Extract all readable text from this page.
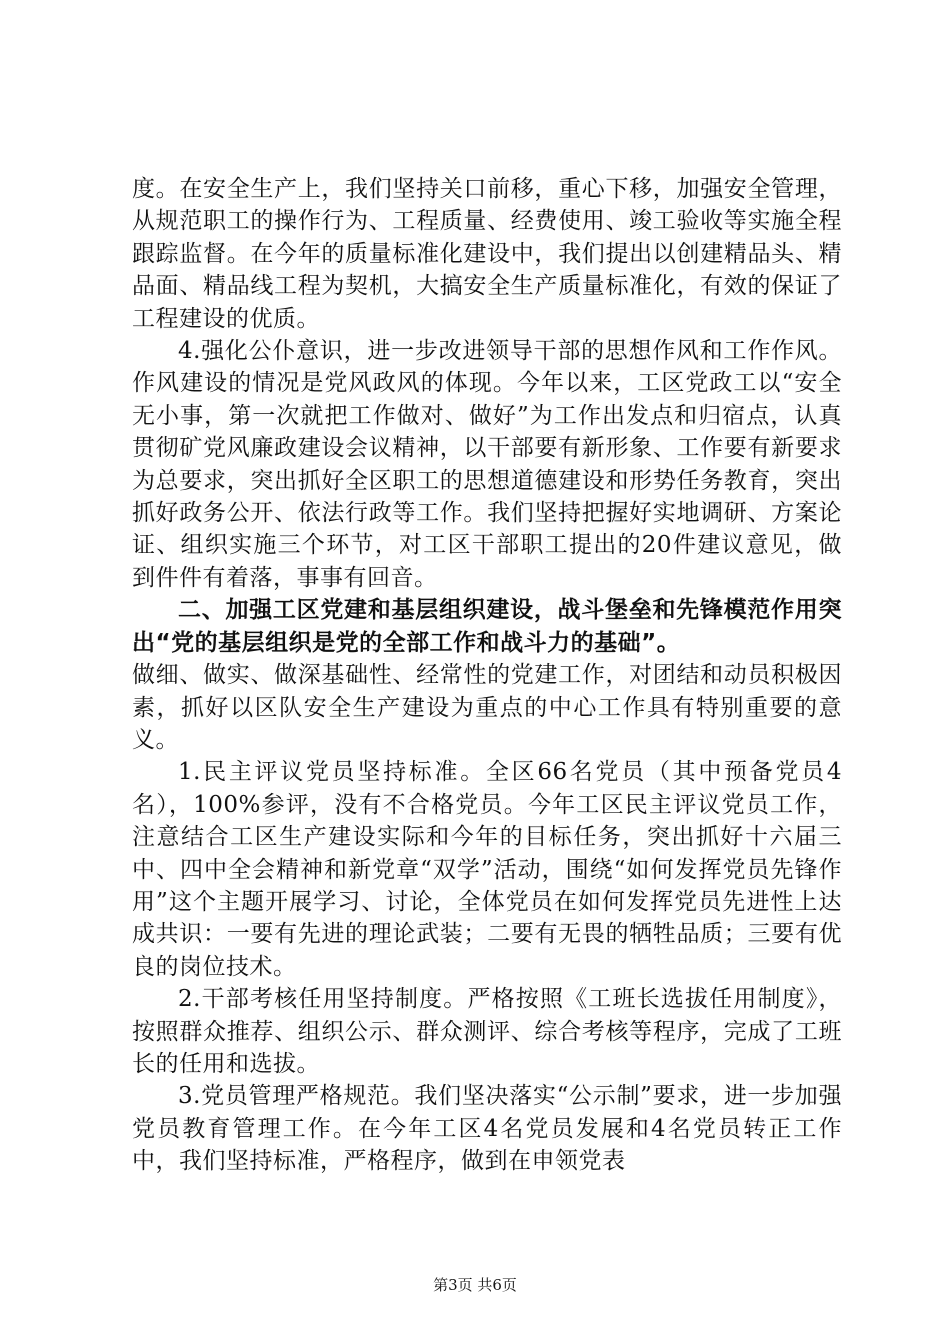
度。在安全生产上，我们坚持关口前移，重心下移，加强安全管理，从规范职工的操作行为、工程质量、经费使用、竣工验收等实施全程跟踪监督。在今年的质量标准化建设中，我们提出以创建精品头、精品面、精品线工程为契机，大搞安全生产质量标准化，有效的保证了工程建设的优质。

4.强化公仆意识，进一步改进领导干部的思想作风和工作作风。作风建设的情况是党风政风的体现。今年以来，工区党政工以“安全无小事，第一次就把工作做对、做好”为工作出发点和归宿点，认真贯彻矿党风廉政建设会议精神，以干部要有新形象、工作要有新要求为总要求，突出抓好全区职工的思想道德建设和形势任务教育，突出抓好政务公开、依法行政等工作。我们坚持把握好实地调研、方案论证、组织实施三个环节，对工区干部职工提出的20件建议意见，做到件件有着落，事事有回音。

二、加强工区党建和基层组织建设，战斗堡垒和先锋模范作用突出“党的基层组织是党的全部工作和战斗力的基础”。

做细、做实、做深基础性、经常性的党建工作，对团结和动员积极因素，抓好以区队安全生产建设为重点的中心工作具有特别重要的意义。

1.民主评议党员坚持标准。全区66名党员（其中预备党员4名），100%参评，没有不合格党员。今年工区民主评议党员工作，注意结合工区生产建设实际和今年的目标任务，突出抓好十六届三中、四中全会精神和新党章“双学”活动，围绕“如何发挥党员先锋作用”这个主题开展学习、讨论，全体党员在如何发挥党员先进性上达成共识：一要有先进的理论武装；二要有无畏的牺牲品质；三要有优良的岗位技术。

2.干部考核任用坚持制度。严格按照《工班长选拔任用制度》，按照群众推荐、组织公示、群众测评、综合考核等程序，完成了工班长的任用和选拔。

3.党员管理严格规范。我们坚决落实“公示制”要求，进一步加强党员教育管理工作。在今年工区4名党员发展和4名党员转正工作中，我们坚持标准，严格程序，做到在申领党表

第3页 共6页
